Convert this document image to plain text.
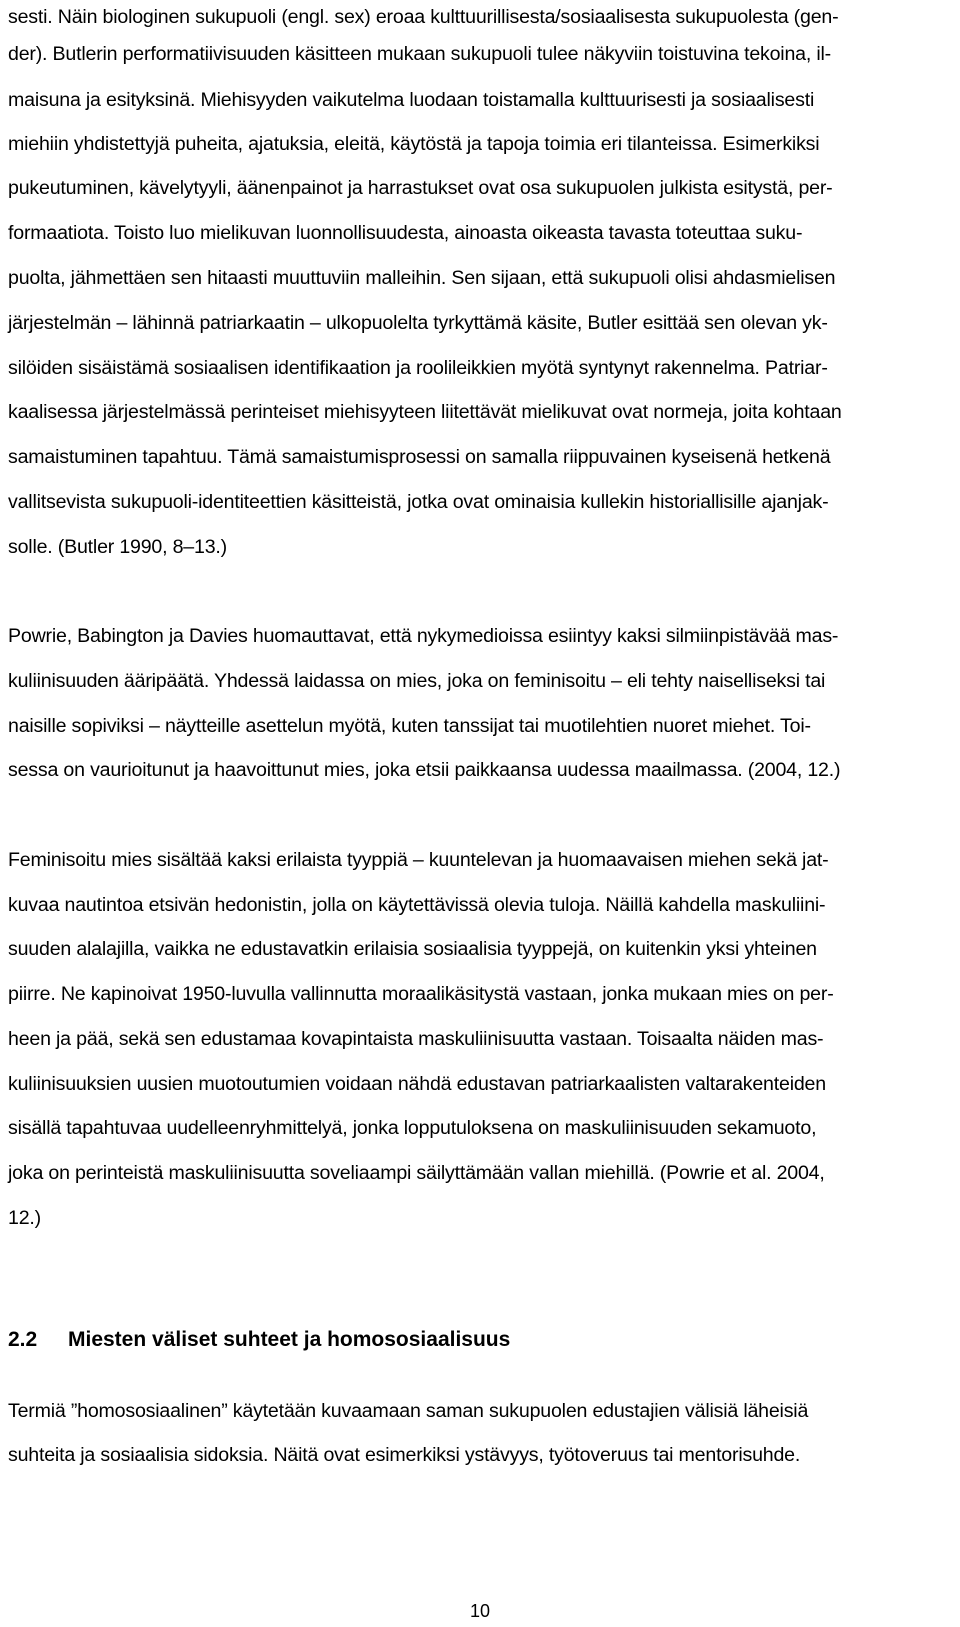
sesti. Näin biologinen sukupuoli (engl. sex) eroaa kulttuurillisesta/sosiaalisesta sukupuolesta (gen-
der). Butlerin performatiivisuuden käsitteen mukaan sukupuoli tulee näkyviin toistuvina tekoina, il-
maisuna ja esityksinä. Miehisyyden vaikutelma luodaan toistamalla kulttuurisesti ja sosiaalisesti
miehiin yhdistettyjä puheita, ajatuksia, eleitä, käytöstä ja tapoja toimia eri tilanteissa. Esimerkiksi
pukeutuminen, kävelytyyli, äänenpainot ja harrastukset ovat osa sukupuolen julkista esitystä, per-
formaatiota. Toisto luo mielikuvan luonnollisuudesta, ainoasta oikeasta tavasta toteuttaa suku-
puolta, jähmettäen sen hitaasti muuttuviin malleihin. Sen sijaan, että sukupuoli olisi ahdasmielisen
järjestelmän – lähinnä patriarkaatin – ulkopuolelta tyrkyttämä käsite, Butler esittää sen olevan yk-
silöiden sisäistämä sosiaalisen identifikaation ja roolileikkien myötä syntynyt rakennelma. Patriar-
kaalisessa järjestelmässä perinteiset miehisyyteen liitettävät mielikuvat ovat normeja, joita kohtaan
samaistuminen tapahtuu. Tämä samaistumisprosessi on samalla riippuvainen kyseisenä hetkenä
vallitsevista sukupuoli-identiteettien käsitteistä, jotka ovat ominaisia kullekin historiallisille ajanjak-
solle. (Butler 1990, 8–13.)
Powrie, Babington ja Davies huomauttavat, että nykymedioissa esiintyy kaksi silmiinpistävää mas-
kuliinisuuden ääripäätä. Yhdessä laidassa on mies, joka on feminisoitu – eli tehty naiselliseksi tai
naisille sopiviksi – näytteille asettelun myötä, kuten tanssijat tai muotilehtien nuoret miehet. Toi-
sessa on vaurioitunut ja haavoittunut mies, joka etsii paikkaansa uudessa maailmassa. (2004, 12.)
Feminisoitu mies sisältää kaksi erilaista tyyppiä – kuuntelevan ja huomaavaisen miehen sekä jat-
kuvaa nautintoa etsivän hedonistin, jolla on käytettävissä olevia tuloja. Näillä kahdella maskuliini-
suuden alalajilla, vaikka ne edustavatkin erilaisia sosiaalisia tyyppejä, on kuitenkin yksi yhteinen
piirre. Ne kapinoivat 1950-luvulla vallinnutta moraalikäsitystä vastaan, jonka mukaan mies on per-
heen ja pää, sekä sen edustamaa kovapintaista maskuliinisuutta vastaan. Toisaalta näiden mas-
kuliinisuuksien uusien muotoutumien voidaan nähdä edustavan patriarkaalisten valtarakenteiden
sisällä tapahtuvaa uudelleenryhmittelyä, jonka lopputuloksena on maskuliinisuuden sekamuoto,
joka on perinteistä maskuliinisuutta soveliaampi säilyttämään vallan miehillä. (Powrie et al. 2004,
12.)
2.2 Miesten väliset suhteet ja homososiaalisuus
Termiä ”homososiaalinen” käytetään kuvaamaan saman sukupuolen edustajien välisiä läheisiä
suhteita ja sosiaalisia sidoksia. Näitä ovat esimerkiksi ystävyys, työtoveruus tai mentorisuhde.
10
